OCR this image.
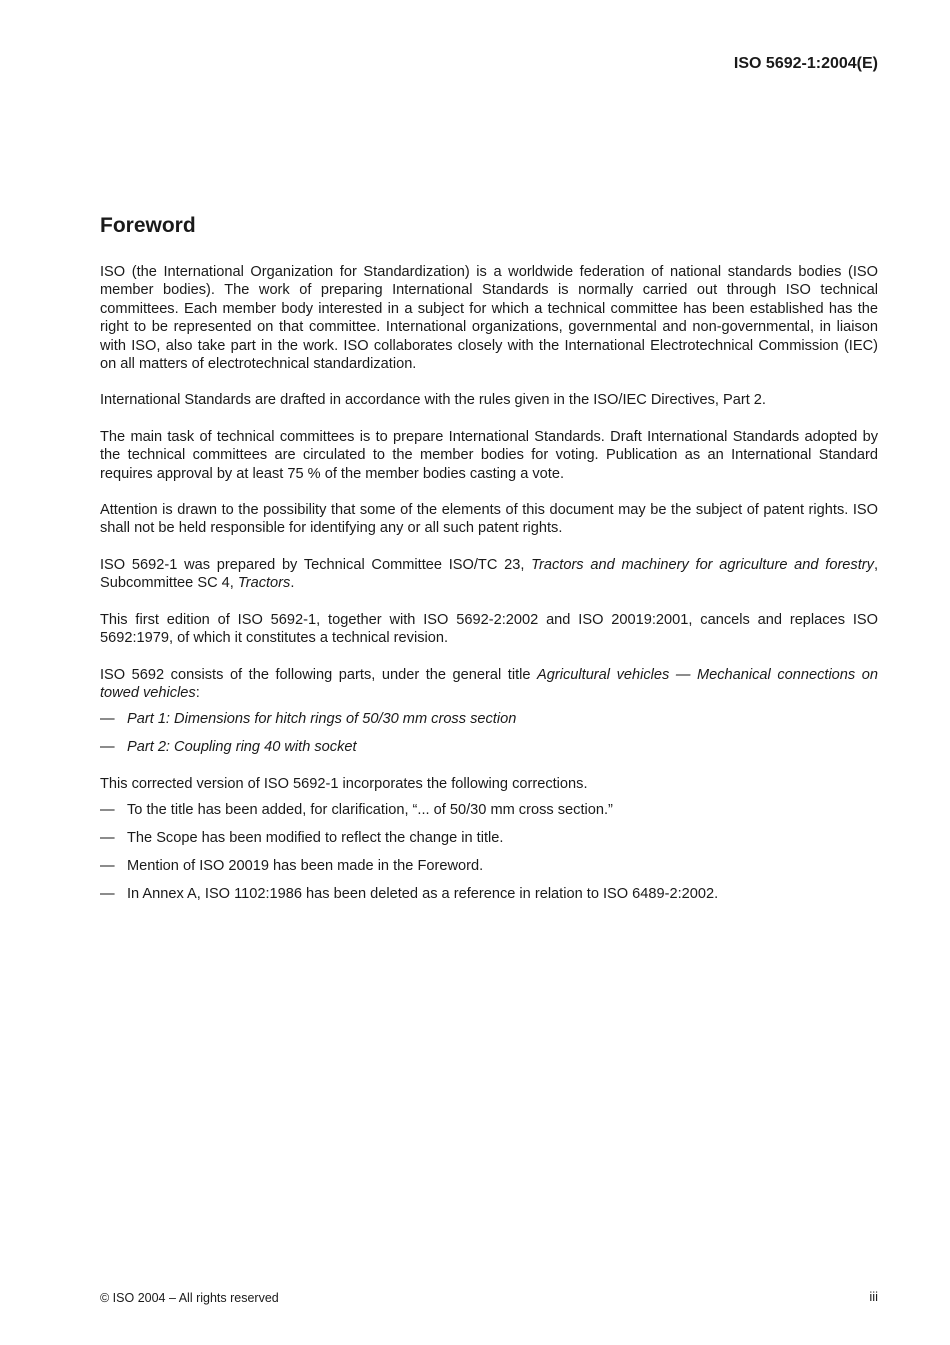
ISO 5692-1:2004(E)

Foreword

ISO (the International Organization for Standardization) is a worldwide federation of national standards bodies (ISO member bodies). The work of preparing International Standards is normally carried out through ISO technical committees. Each member body interested in a subject for which a technical committee has been established has the right to be represented on that committee. International organizations, governmental and non-governmental, in liaison with ISO, also take part in the work. ISO collaborates closely with the International Electrotechnical Commission (IEC) on all matters of electrotechnical standardization.

International Standards are drafted in accordance with the rules given in the ISO/IEC Directives, Part 2.

The main task of technical committees is to prepare International Standards. Draft International Standards adopted by the technical committees are circulated to the member bodies for voting. Publication as an International Standard requires approval by at least 75 % of the member bodies casting a vote.

Attention is drawn to the possibility that some of the elements of this document may be the subject of patent rights. ISO shall not be held responsible for identifying any or all such patent rights.

ISO 5692-1 was prepared by Technical Committee ISO/TC 23, Tractors and machinery for agriculture and forestry, Subcommittee SC 4, Tractors.

This first edition of ISO 5692-1, together with ISO 5692-2:2002 and ISO 20019:2001, cancels and replaces ISO 5692:1979, of which it constitutes a technical revision.

ISO 5692 consists of the following parts, under the general title Agricultural vehicles — Mechanical connections on towed vehicles:

— Part 1: Dimensions for hitch rings of 50/30 mm cross section
— Part 2: Coupling ring 40 with socket

This corrected version of ISO 5692-1 incorporates the following corrections.

— To the title has been added, for clarification, “... of 50/30 mm cross section.”
— The Scope has been modified to reflect the change in title.
— Mention of ISO 20019 has been made in the Foreword.
— In Annex A, ISO 1102:1986 has been deleted as a reference in relation to ISO 6489-2:2002.

© ISO 2004 – All rights reserved	iii
